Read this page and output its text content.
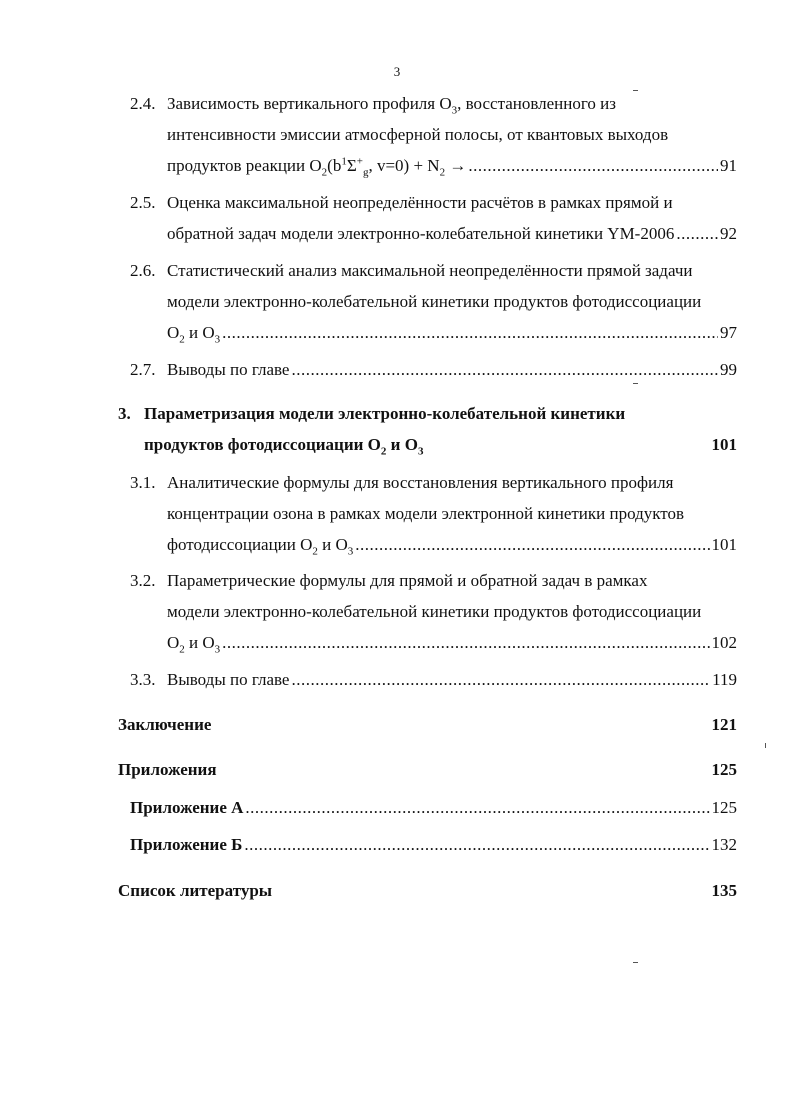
3
2.4. Зависимость вертикального профиля $O_3$, восстановленного из
интенсивности эмиссии атмосферной полосы, от квантовых выходов
продуктов реакции $O_2(b^1\Sigma^+_g$, $v=0) + N_2$ → .....	91
2.5. Оценка максимальной неопределённости расчётов в рамках прямой и
обратной задач модели электронно-колебательной кинетики YM-2006 .....	92
2.6. Статистический анализ максимальной неопределённости прямой задачи
модели электронно-колебательной кинетики продуктов фотодиссоциации
$O_2$ и $O_3$ .....	97
2.7. Выводы по главе .....	99
3. Параметризация модели электронно-колебательной кинетики
продуктов фотодиссоциации $O_2$ и $O_3$	101
3.1. Аналитические формулы для восстановления вертикального профиля
концентрации озона в рамках модели электронной кинетики продуктов
фотодиссоциации $O_2$ и $O_3$ .....	101
3.2. Параметрические формулы для прямой и обратной задач в рамках
модели электронно-колебательной кинетики продуктов фотодиссоциации
$O_2$ и $O_3$ .....	102
3.3. Выводы по главе .....	119
Заключение	121
Приложения	125
Приложение А .....	125
Приложение Б .....	132
Список литературы	135
